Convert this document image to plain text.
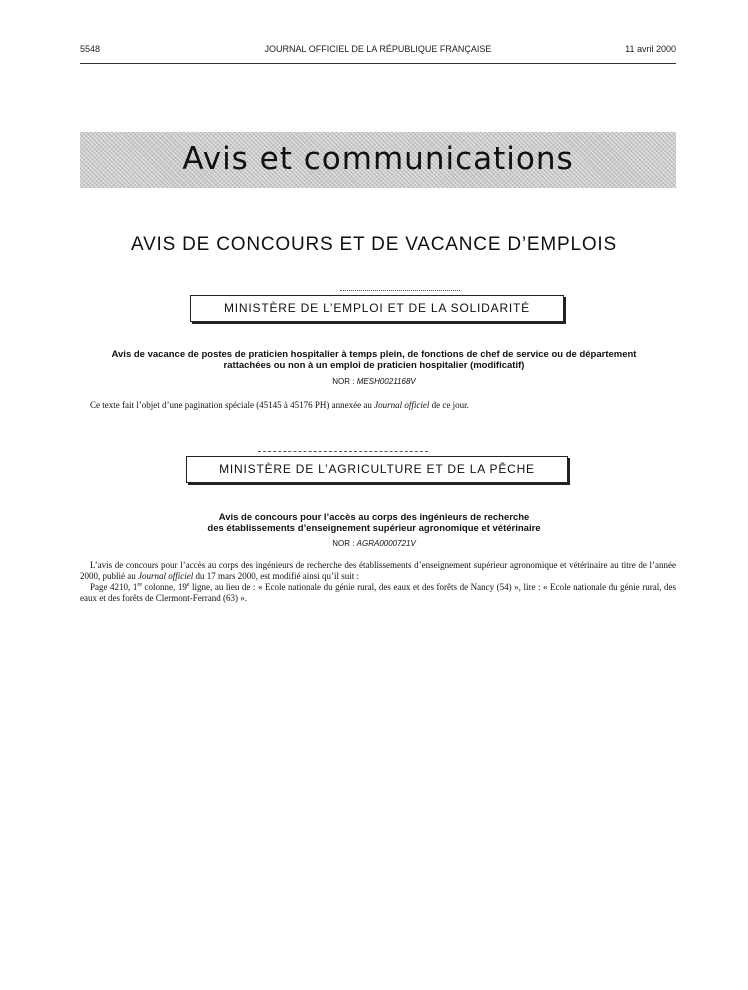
5548	JOURNAL OFFICIEL DE LA RÉPUBLIQUE FRANÇAISE	11 avril 2000
Avis et communications
AVIS DE CONCOURS ET DE VACANCE D’EMPLOIS
MINISTÈRE DE L’EMPLOI ET DE LA SOLIDARITÉ
Avis de vacance de postes de praticien hospitalier à temps plein, de fonctions de chef de service ou de département
rattachées ou non à un emploi de praticien hospitalier (modificatif)
NOR : MESH0021168V
Ce texte fait l’objet d’une pagination spéciale (45145 à 45176 PH) annexée au Journal officiel de ce jour.
MINISTÈRE DE L’AGRICULTURE ET DE LA PÊCHE
Avis de concours pour l’accès au corps des ingénieurs de recherche
des établissements d’enseignement supérieur agronomique et vétérinaire
NOR : AGRA0000721V

L’avis de concours pour l’accès au corps des ingénieurs de recherche des établissements d’enseignement supérieur agronomique et vétérinaire au titre de l’année 2000, publié au Journal officiel du 17 mars 2000, est modifié ainsi qu’il suit :

Page 4210, 1re colonne, 19e ligne, au lieu de : « Ecole nationale du génie rural, des eaux et des forêts de Nancy (54) », lire : « Ecole nationale du génie rural, des eaux et des forêts de Clermont-Ferrand (63) ».
